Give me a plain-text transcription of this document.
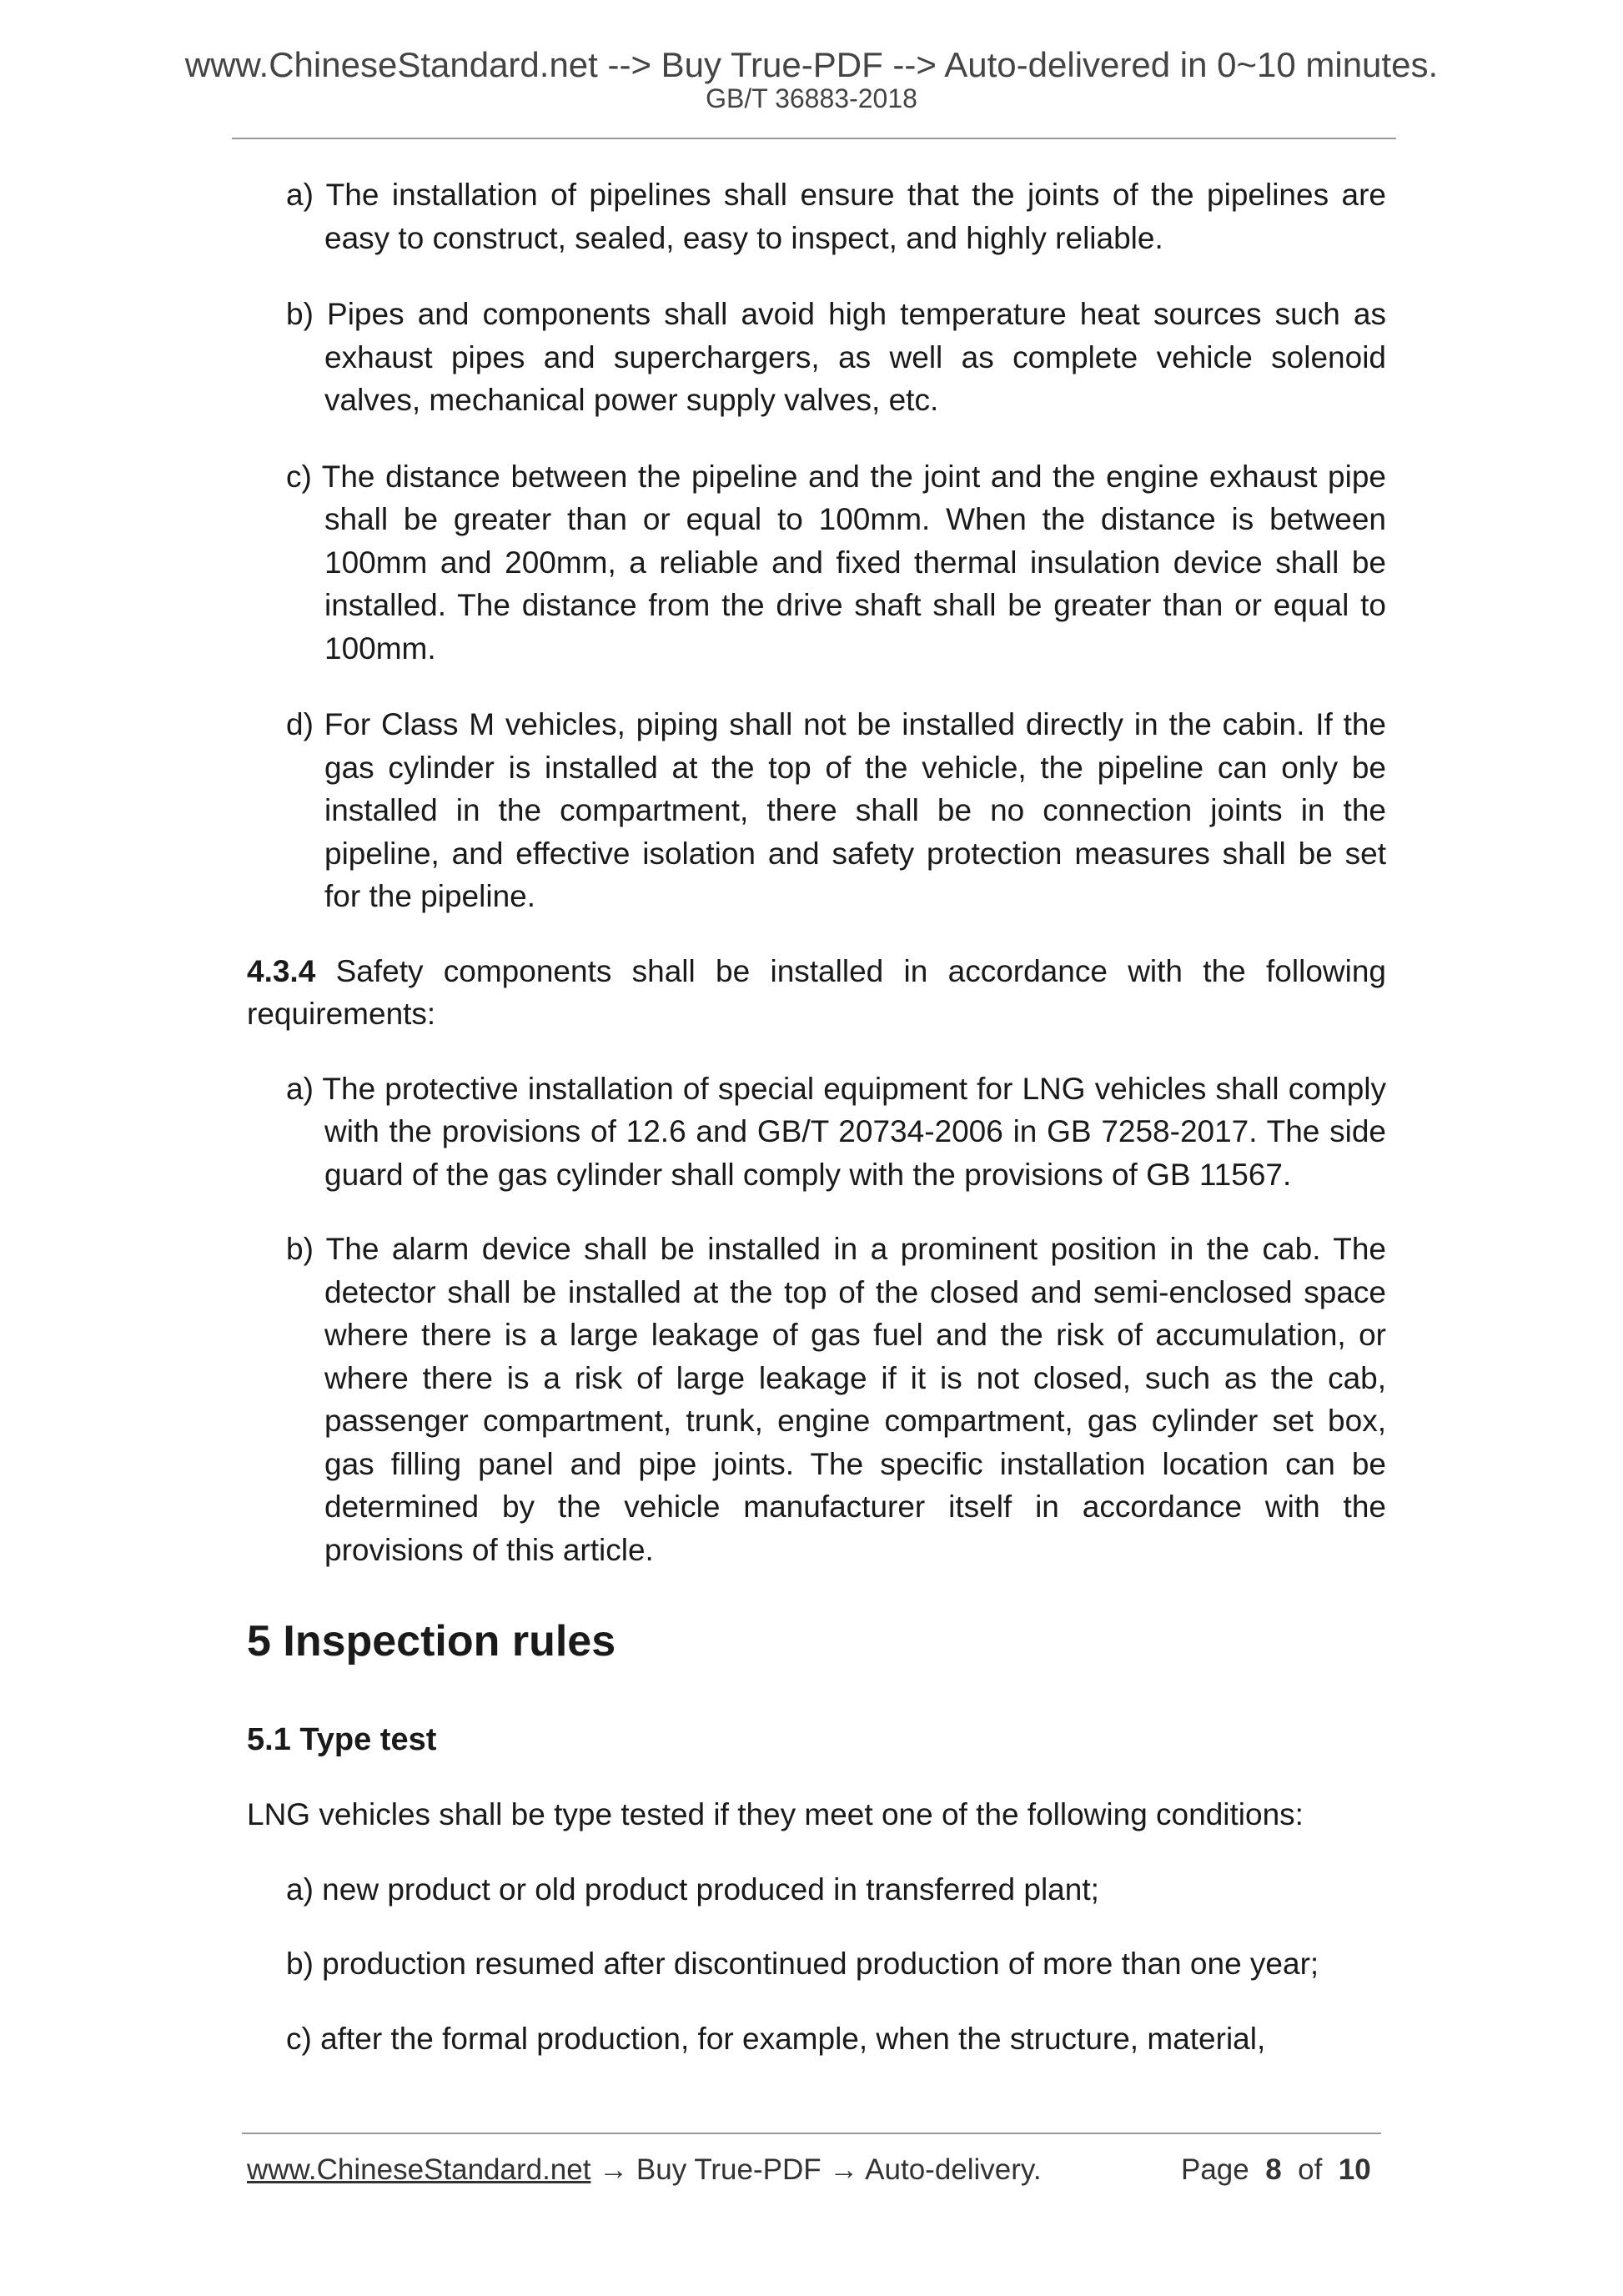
www.ChineseStandard.net --> Buy True-PDF --> Auto-delivered in 0~10 minutes.
GB/T 36883-2018

a) The installation of pipelines shall ensure that the joints of the pipelines are easy to construct, sealed, easy to inspect, and highly reliable.

b) Pipes and components shall avoid high temperature heat sources such as exhaust pipes and superchargers, as well as complete vehicle solenoid valves, mechanical power supply valves, etc.

c) The distance between the pipeline and the joint and the engine exhaust pipe shall be greater than or equal to 100mm. When the distance is between 100mm and 200mm, a reliable and fixed thermal insulation device shall be installed. The distance from the drive shaft shall be greater than or equal to 100mm.

d) For Class M vehicles, piping shall not be installed directly in the cabin. If the gas cylinder is installed at the top of the vehicle, the pipeline can only be installed in the compartment, there shall be no connection joints in the pipeline, and effective isolation and safety protection measures shall be set for the pipeline.

4.3.4 Safety components shall be installed in accordance with the following requirements:

a) The protective installation of special equipment for LNG vehicles shall comply with the provisions of 12.6 and GB/T 20734-2006 in GB 7258-2017. The side guard of the gas cylinder shall comply with the provisions of GB 11567.

b) The alarm device shall be installed in a prominent position in the cab. The detector shall be installed at the top of the closed and semi-enclosed space where there is a large leakage of gas fuel and the risk of accumulation, or where there is a risk of large leakage if it is not closed, such as the cab, passenger compartment, trunk, engine compartment, gas cylinder set box, gas filling panel and pipe joints. The specific installation location can be determined by the vehicle manufacturer itself in accordance with the provisions of this article.

5 Inspection rules
5.1 Type test

LNG vehicles shall be type tested if they meet one of the following conditions:

a) new product or old product produced in transferred plant;

b) production resumed after discontinued production of more than one year;

c) after the formal production, for example, when the structure, material,

www.ChineseStandard.net → Buy True-PDF → Auto-delivery.	Page 8 of 10
